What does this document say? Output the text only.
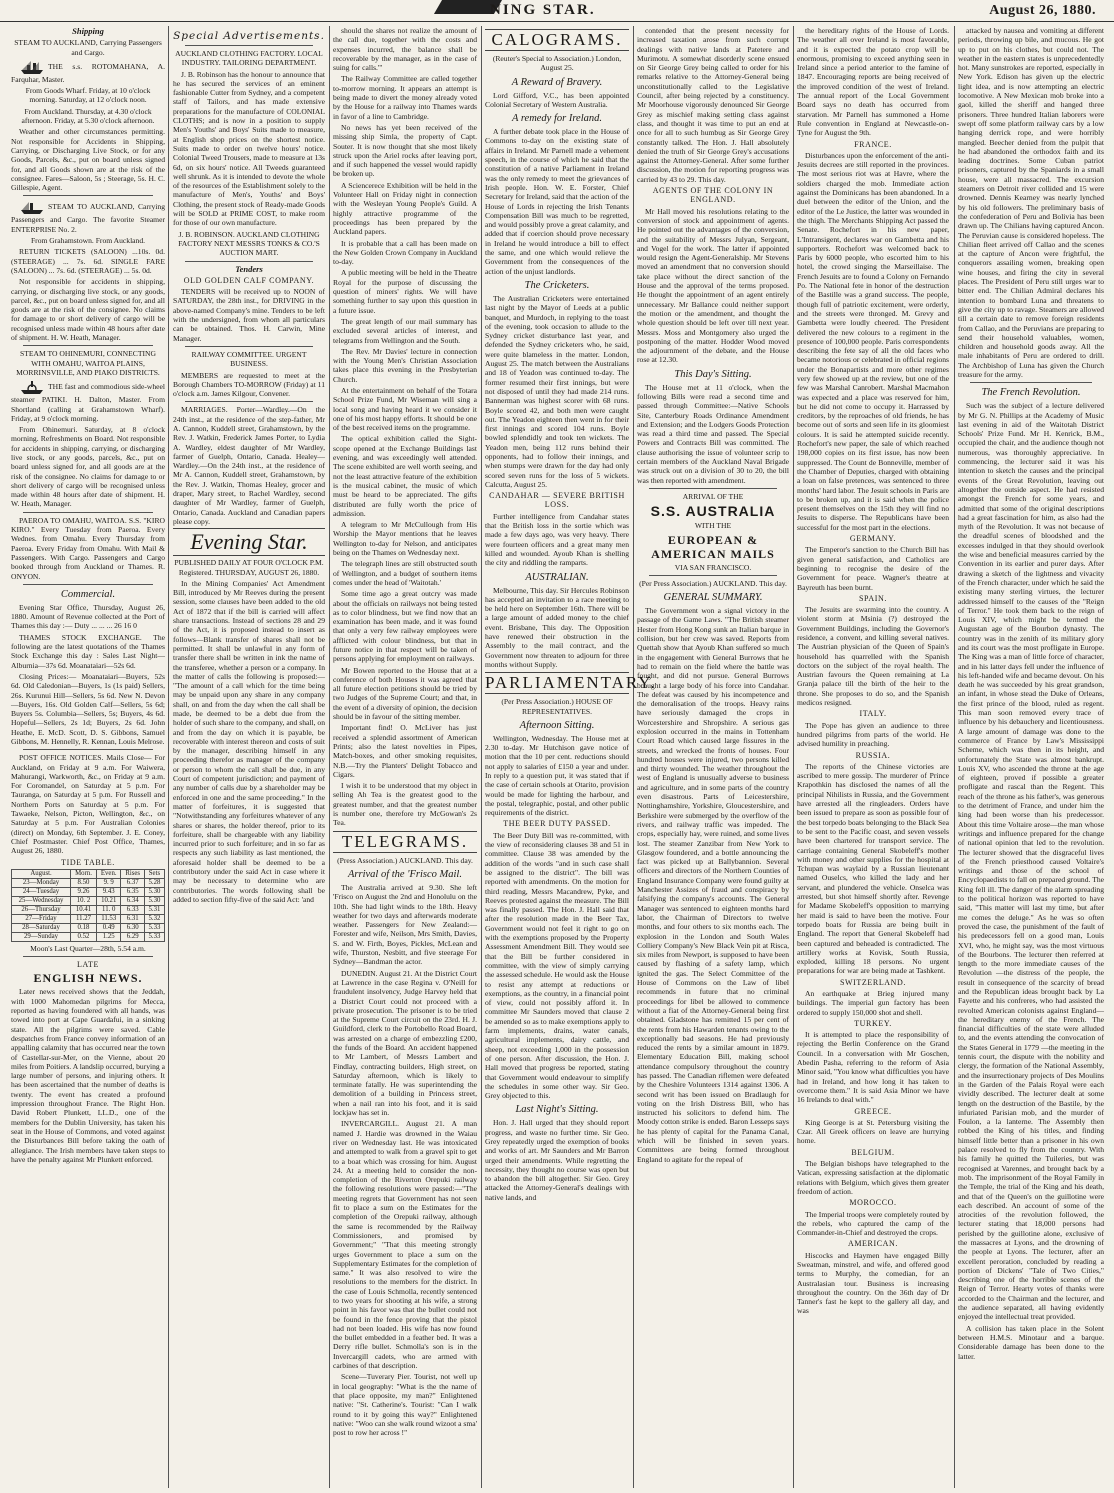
NING STAR.	August 26, 1880.
Shipping

STEAM TO AUCKLAND, Carrying Passengers and Cargo.

THE s.s. ROTOMAHANA, A. Farquhar, Master.

From Goods Wharf. Friday, at 10 o'clock morning. Saturday, at 12 o'clock noon.

From Auckland. Thursday, at 4.30 o'clock afternoon. Friday, at 5.30 o'clock afternoon.

Weather and other circumstances permitting. Not responsible for Accidents in Shipping, Carrying, or Discharging Live Stock, or for any Goods, Parcels, &c., put on board unless signed for, and all Goods shown are at the risk of the consignee. Fares—Saloon, 5s ; Steerage, 5s. H. C. Gillespie, Agent.

STEAM TO AUCKLAND, Carrying Passengers and Cargo. The favorite Steamer ENTERPRISE No. 2.

From Grahamstown. From Auckland.

RETURN TICKETS (SALOON) ...10s. 0d. (STEERAGE) ... 7s. 6d. SINGLE FARE (SALOON) ... 7s. 6d. (STEERAGE) ... 5s. 0d.

Not responsible for accidents in shipping, carrying, or discharging live stock, or any goods, parcel, &c., put on board unless signed for, and all goods are at the risk of the consignee. No claims for damage to or short delivery of cargo will be recognised unless made within 48 hours after date of shipment. H. W. Heath, Manager.

STEAM TO OHINEMURI, CONNECTING WITH OMAHU, WAITOA PLAINS, MORRINSVILLE, AND PIAKO DISTRICTS.

THE fast and commodious side-wheel steamer PATIKI. H. Dalton, Master. From Shortland (calling at Grahamstown Wharf). Friday, at 9 o'clock morning.

From Ohinemuri. Saturday, at 8 o'clock morning. Refreshments on Board. Not responsible for accidents in shipping, carrying, or discharging live stock, or any goods, parcels, &c., put on board unless signed for, and all goods are at the risk of the consignee. No claims for damage to or short delivery of cargo will be recognised unless made within 48 hours after date of shipment. H. W. Heath, Manager.

PAEROA TO OMAHU, WAITOA. S.S. "KIRO KIRO." Every Tuesday from Paeroa. Every Wednes. from Omahu. Every Thursday from Paeroa. Every Friday from Omahu. With Mail & Passengers. With Cargo. Passengers and Cargo booked through from Auckland or Thames. R. ONYON.

Commercial.

Evening Star Office, Thursday, August 26, 1880. Amount of Revenue collected at the Port of Thames this day :— Duty ... ... ... 26 16 0

THAMES STOCK EXCHANGE. The following are the latest quotations of the Thames Stock Exchange this day : Sales Last Night— Alburnia—37s 6d. Moanataiari—52s 6d.

Closing Prices:— Moanataiari—Buyers, 52s 6d. Old Caledonian—Buyers, 1s (1s paid) Sellers, 26s. Kurunui Hill—Sellers, 5s 6d. New N. Devon—Buyers, 16s. Old Golden Calf—Sellers, 5s 6d; Buyers 5s. Columbia—Sellers, 5s; Buyers, 4s 6d. Hopeful—Sellers, 2s 1d; Buyers, 2s 6d. John Heathe, E. McD. Scott, D. S. Gibbons, Samuel Gibbons, M. Hennelly, R. Kennan, Louis Melrose.

POST OFFICE NOTICES. Mails Close— For Auckland, on Friday at 9 a.m. For Waiwera, Mahurangi, Warkworth, &c., on Friday at 9 a.m. For Coromandel, on Saturday at 5 p.m. For Tauranga, on Saturday at 5 p.m. For Russell and Northern Ports on Saturday at 5 p.m. For Tawaeke, Nelson, Picton, Wellington, &c., on Saturday at 5 p.m. For Australian Colonies (direct) on Monday, 6th September. J. E. Coney, Chief Postmaster. Chief Post Office, Thames, August 26, 1880.

TIDE TABLE.
August.	Morn.	Even.	Rises	Sets
23—Monday	8.50	9. 9	6.37	5.28
24—Tuesday	9.26	9.43	6.35	5.30
25—Wednesday	10. 2	10.21	6.34	5.30
26—Thursday	10.41	11. 0	6.33	5.31
27—Friday	11.27	11.53	6.31	5.32
28—Saturday	0.18	0.49	6.30	5.33
29—Sunday	0.52	1.25	6.29	5.33

Moon's Last Quarter—28th, 5.54 a.m.

LATE
ENGLISH NEWS.

Later news received shows that the Jeddah, with 1000 Mahomedan pilgrims for Mecca, reported as having foundered with all hands, was towed into port at Cape Guardafui, in a sinking state. All the pilgrims were saved. Cable despatches from France convey information of an appalling calamity that has occurred near the town of Castellar-sur-Mer, on the Vienne, about 20 miles from Poitiers. A landslip occurred, burying a large number of persons, and injuring others. It has been ascertained that the number of deaths is twenty. The event has created a profound impression throughout France. The Right Hon. David Robert Plunkett, LL.D., one of the members for the Dublin University, has taken his seat in the House of Commons, and voted against the Disturbances Bill before taking the oath of allegiance. The Irish members have taken steps to have the penalty against Mr Plunkett enforced.

Special Advertisements.

AUCKLAND CLOTHING FACTORY. LOCAL INDUSTRY. TAILORING DEPARTMENT.

J. B. Robinson has the honour to announce that he has secured the services of an eminent fashionable Cutter from Sydney, and a competent staff of Tailors, and has made extensive preparations for the manufacture of COLONIAL CLOTHS; and is now in a position to supply Men's Youths' and Boys' Suits made to measure, at English shop prices on the shortest notice. Suits made to order on twelve hours' notice. Colonial Tweed Trousers, made to measure at 13s 6d, on six hours' notice. All Tweeds guaranteed well shrunk. As it is intended to devote the whole of the resources of the Establishment solely to the manufacture of Men's, Youths' and Boys' Clothing, the present stock of Ready-made Goods will be SOLD at PRIME COST, to make room for those of our own manufacture.

J. B. ROBINSON. AUCKLAND CLOTHING FACTORY NEXT MESSRS TONKS & CO.'S AUCTION MART.

Tenders
OLD GOLDEN CALF COMPANY.

TENDERS will be received up to NOON of SATURDAY, the 28th inst., for DRIVING in the above-named Company's mine. Tenders to be left with the undersigned, from whom all particulars can be obtained. Thos. H. Carwin, Mine Manager.

RAILWAY COMMITTEE. URGENT BUSINESS.

MEMBERS are requested to meet at the Borough Chambers TO-MORROW (Friday) at 11 o'clock a.m. James Kilgour, Convener.

MARRIAGES. Porter—Wardley.—On the 24th inst., at the residence of the step-father, Mr A. Cannon, Kuddell street, Grahamstown, by the Rev. J. Watkin, Frederick James Porter, to Lydia A. Wardley, eldest daughter of Mr Wardley, farmer of Guelph, Ontario, Canada. Healey—Wardley.—On the 24th inst., at the residence of Mr A. Cannon, Kuddell street, Grahamstown, by the Rev. J. Watkin, Thomas Healey, grocer and draper, Mary street, to Rachel Wardley, second daughter of Mr Wardley, farmer of Guelph, Ontario, Canada. Auckland and Canadian papers please copy.

Evening Star.

PUBLISHED DAILY AT FOUR O'CLOCK P.M. Registered. THURSDAY, AUGUST 26, 1880.

In the Mining Companies' Act Amendment Bill, introduced by Mr Reeves during the present session, some clauses have been added to the old Act of 1872 that if the bill is carried will affect share transactions. Instead of sections 28 and 29 of the Act, it is proposed instead to insert as follows—Blank transfer of shares shall not be permitted. It shall be unlawful in any form of transfer there shall be written in ink the name of the transferee, whether a person or a company. In the matter of calls the following is proposed:— "The amount of a call which for the time being may be unpaid upon any share in any company shall, on and from the day when the call shall be made, be deemed to be a debt due from the holder of such share to the company, and shall, on and from the day on which it is payable, be recoverable with interest thereon and costs of suit by the manager, describing himself in any proceeding therefor as manager of the company or person to whom the call shall be due, in any Court of competent jurisdiction; and payment of any number of calls due by a shareholder may be enforced in one and the same proceeding." In the matter of forfeitures, it is suggested that "Notwithstanding any forfeitures whatever of any shares or shares, the holder thereof, prior to its forfeiture, shall be chargeable with any liability incurred prior to such forfeiture; and in so far as respects any such liability as last mentioned, the aforesaid holder shall be deemed to be a contributory under the said Act in case where it may be necessary to determine who are contributories. The words following shall be added to section fifty-five of the said Act: 'and

should the shares not realize the amount of the call due, together with the costs and expenses incurred, the balance shall be recoverable by the manager, as in the case of suing for calls.'"

The Railway Committee are called together to-morrow morning. It appears an attempt is being made to divert the money already voted by the House for a railway into Thames wards in favor of a line to Cambridge.

No news has yet been received of the missing ship Simla, the property of Capt. Souter. It is now thought that she most likely struck upon the Ariel rocks after leaving port, and if such happened the vessel would rapidly be broken up.

A Sciencerece Exhibition will be held in the Volunteer Hall on Friday night in connection with the Wesleyan Young People's Guild. A highly attractive programme of the proceedings has been prepared by the Auckland papers.

It is probable that a call has been made on the New Golden Crown Company in Auckland to-day.

A public meeting will be held in the Theatre Royal for the purpose of discussing the question of miners' rights. We will have something further to say upon this question in a future issue.

The great length of our mail summary has excluded several articles of interest, and telegrams from Wellington and the South.

The Rev. Mr Davies' lecture in connection with the Young Men's Christian Association takes place this evening in the Presbyterian Church.

At the entertainment on behalf of the Totara School Prize Fund, Mr Wiseman will sing a local song and having heard it we consider it one of his most happy efforts. It should be one of the best received items on the programme.

The optical exhibition called the Sight-scope opened at the Exchange Buildings last evening, and was exceedingly well attended. The scene exhibited are well worth seeing, and not the least attractive feature of the exhibition is the musical cabinet, the music of which must be heard to be appreciated. The gifts distributed are fully worth the price of admission.

A telegram to Mr McCullough from His Worship the Mayor mentions that he leaves Wellington to-day for Nelson, and anticipates being on the Thames on Wednesday next.

The telegraph lines are still obstructed south of Wellington, and a budget of southern items comes under the head of 'Waitotah.'

Some time ago a great outcry was made about the officials on railways not being tested as to color blindness, but we find now that an examination has been made, and it was found that only a very few railway employees were afflicted with colour blindness, but that in future notice in that respect will be taken of persons applying for employment on railways.

Mr Bowen reported to the House that at a conference of both Houses it was agreed that all future election petitions should be tried by two Judges of the Supreme Court; and that, in the event of a diversity of opinion, the decision should be in favour of the sitting member.

Important find! O. McLiver has just received a splendid assortment of American Prints; also the latest novelties in Pipes, Match-boxes, and other smoking requisites, N.B.—Try the Planters' Delight Tobacco and Cigars.

I wish it to be understood that my object in selling Ah Tea is the greatest good to the greatest number, and that the greatest number is number one, therefore try McGowan's 2s Tea.

TELEGRAMS.

(Press Association.) AUCKLAND. This day.

Arrival of the 'Frisco Mail.

The Australia arrived at 9.30. She left 'Frisco on August the 2nd and Honolulu on the 10th. She had light winds to the 18th. Heavy weather for two days and afterwards moderate weather. Passengers for New Zealand:—Forester and wife, Neilson, Mrs Smith, Davies, S. and W. Firth, Boyes, Pickles, McLean and wife, Thurston, Nesbitt, and five steerage For Sydney—Bandman the actor.

DUNEDIN. August 21. At the District Court at Lawrence in the case Regina v. O'Neill for fraudulent insolvency, Judge Harvey held that a District Court could not proceed with a private prosecution. The prisoner is to be tried at the Supreme Court circuit on the 23rd. H. J. Guildford, clerk to the Portobello Road Board, was arrested on a charge of embezzling £200, the funds of the Board. An accident happened to Mr Lambert, of Messrs Lambert and Findlay, contracting builders, High street, on Saturday afternoon, which is likely to terminate fatally. He was superintending the demolition of a building in Princess street, when a nail ran into his foot, and it is said lockjaw has set in.

INVERCARGILL. August 21. A man named J. Hardie was drowned in the Waiau river on Wednesday last. He was intoxicated and attempted to walk from a gravel spit to get to a boat which was crossing for him. August 24. At a meeting held to consider the non-completion of the Riverton Orepuki railway the following resolutions were passed:—"The meeting regrets that Government has not seen fit to place a sum on the Estimates for the completion of the Orepuki railway, although the same is recommended by the Railway Commissioners, and promised by Government;" "That this meeting strongly urges Government to place a sum on the Supplementary Estimates for the completion of same." It was also resolved to wire the resolutions to the members for the district. In the case of Louis Schmolla, recently sentenced to two years for shooting at his wife, a strong point in his favor was that the bullet could not be found in the fence proving that the pistol had not been loaded. His wife has now found the bullet embedded in a feather bed. It was a Derry rifle bullet. Schmolla's son is in the Invercargill cadets, who are armed with carbines of that description.

Scene—Tuverary Pier. Tourist, not well up in local geography: "What is the the name of that place opposite, my man?" Enlightened native: "St. Catherine's. Tourist: "Can I walk round to it by going this way?" Enlightened native: "Woo can she walk round wizoot a sma' post to row her across !"

CALOGRAMS.

(Reuter's Special to Association.) London, August 25.

A Reward of Bravery.

Lord Gifford, V.C., has been appointed Colonial Secretary of Western Australia.

A remedy for Ireland.

A further debate took place in the House of Commons to-day on the existing state of affairs in Ireland. Mr Parnell made a vehement speech, in the course of which he said that the constitution of a native Parliament in Ireland was the only remedy to meet the grievances of Irish people. Hon. W. E. Forster, Chief Secretary for Ireland, said that the action of the House of Lords in rejecting the Irish Tenants Compensation Bill was much to be regretted, and would possibly prove a great calamity, and added that if coercion should prove necessary in Ireland he would introduce a bill to effect the same, and one which would relieve the Government from the consequences of the action of the unjust landlords.

The Cricketers.

The Australian Cricketers were entertained last night by the Mayor of Leeds at a public banquet, and Murdoch, in replying to the toast of the evening, took occasion to allude to the Sydney cricket disturbance last year, and defended the Sydney cricketers who, he said, were quite blameless in the matter. London, August 25. The match between the Australians and 18 of Yeadon was continued to-day. The former resumed their first innings, but were not disposed of until they had made 214 runs. Bannerman was highest scorer with 68 runs. Boyle scored 42, and both men were caught out. The Yeadon eighteen then went in for their first innings and scored 104 runs. Boyle bowled splendidly and took ten wickets. The Yeadon men, being 112 runs behind their opponents, had to follow their innings, and when stumps were drawn for the day had only scored seven runs for the loss of 5 wickets. Calcutta, August 25.

CANDAHAR — SEVERE BRITISH LOSS.

Further intelligence from Candahar states that the British loss in the sortie which was made a few days ago, was very heavy. There were fourteen officers and a great many men killed and wounded. Ayoub Khan is shelling the city and riddling the ramparts.

AUSTRALIAN.

Melbourne, This day. Sir Hercules Robinson has accepted an invitation to a race meeting to be held here on September 16th. There will be a large amount of added money to the chief event. Brisbane, This day. The Opposition have renewed their obstruction in the Assembly to the mail contract, and the Government now threaten to adjourn for three months without Supply.

PARLIAMENTARY.

(Per Press Association.) HOUSE OF REPRESENTATIVES.

Afternoon Sitting.

Wellington, Wednesday. The House met at 2.30 to-day. Mr Hutchison gave notice of motion that the 10 per cent. reductions should not apply to salaries of £150 a year and under. In reply to a question put, it was stated that if the case of certain schools at Otarito, provision would be made for lighting the harbour, and the postal, telegraphic, postal, and other public requirements of the district.

THE BEER DUTY PASSED.

The Beer Duty Bill was re-committed, with the view of reconsidering clauses 38 and 51 in committee. Clause 38 was amended by the addition of the words "and in such case shall be assigned to the district". The bill was reported with amendments. On the motion for third reading, Messrs Macandrew, Pyke, and Reeves protested against the measure. The Bill was finally passed. The Hon. J. Hall said that after the resolution made in the Beer Tax, Government would not feel it right to go on with the exemptions proposed by the Property Assessment Amendment Bill. They would see that the Bill be further considered in committee, with the view of simply carrying the assessed schedule. He would ask the House to resist any attempt at reductions or exemptions, as the country, in a financial point of view, could not possibly afford it. In committee Mr Saunders moved that clause 2 be amended so as to make exemptions apply to farm implements, drains, water canals, agricultural implements, dairy cattle, and sheep, not exceeding 1,000 in the possession of one person. After discussion, the Hon. J. Hall moved that progress be reported, stating that Government would endeavour to simplify the schedules in some other way. Sir Geo. Grey objected to this.

Last Night's Sitting.

Hon. J. Hall urged that they should report progress, and waste no further time. Sir Geo. Grey repeatedly urged the exemption of books and works of art. Mr Saunders and Mr Barron urged their amendments. While regretting the necessity, they thought no course was open but to abandon the bill altogether. Sir Geo. Grey attacked the Attorney-General's dealings with native lands, and

contended that the present necessity for increased taxation arose from such corrupt dealings with native lands at Patetere and Murimotu. A somewhat disorderly scene ensued on Sir George Grey being called to order for his remarks relative to the Attorney-General being unconstitutionally called to the Legislative Council, after being rejected by a constituency. Mr Moorhouse vigorously denounced Sir George Grey as mischief making setting class against class, and thought it was time to put an end at once for all to such humbug as Sir George Grey constantly talked. The Hon. J. Hall absolutely denied the truth of Sir George Grey's accusations against the Attorney-General. After some further discussion, the motion for reporting progress was carried by 43 to 29. This day.

AGENTS OF THE COLONY IN ENGLAND.

Mr Hall moved his resolutions relating to the conversion of stock and appointment of agents. He pointed out the advantages of the conversion, and the suitability of Messrs Julyan, Sergeant, and Vogel for the work. The latter if appointed would resign the Agent-Generalship. Mr Stevens moved an amendment that no conversion should take place without the direct sanction of the House and the approval of the terms proposed. He thought the appointment of an agent entirely unnecessary. Mr Ballance could neither support the motion or the amendment, and thought the whole question should be left over till next year. Messrs. Moss and Montgomery also urged the postponing of the matter. Hodder Wood moved the adjournment of the debate, and the House rose at 12.30.

This Day's Sitting.

The House met at 11 o'clock, when the following Bills were read a second time and passed through Committee:—Native Schools Site, Canterbury Roads Ordinance Amendment and Extension; and the Lodgers Goods Protection was read a third time and passed. The Special Powers and Contracts Bill was committed. The clause authorising the issue of volunteer scrip to certain members of the Auckland Naval Brigade was struck out on a division of 30 to 20, the bill was then reported with amendment.

ARRIVAL OF THE

S.S. AUSTRALIA

WITH THE

EUROPEAN & AMERICAN MAILS

VIA SAN FRANCISCO.

(Per Press Association.) AUCKLAND. This day.

GENERAL SUMMARY.

The Government won a signal victory in the passage of the Game Laws. "The British steamer Hester from Hong Kong sunk an Italian barque in collision, but her crew was saved. Reports from Quettah show that Ayoub Khan suffered so much in the engagement with General Burrows that he had to remain on the field where the battle was fought, and did not pursue. General Burrows brought a large body of his force into Candahar. The defeat was caused by his incompetence and the demoralisation of the troops. Heavy rains have seriously damaged the crops in Worcestershire and Shropshire. A serious gas explosion occurred in the mains in Tottenham Court Road which caused large fissures in the streets, and wrecked the fronts of houses. Four hundred houses were injured, two persons killed and thirty wounded. The weather throughout the west of England is unusually adverse to business and agriculture, and in some parts of the country even disastrous. Parts of Leicestershire, Nottinghamshire, Yorkshire, Gloucestershire, and Berkshire were submerged by the overflow of the rivers, and railway traffic was impeded. The crops, especially hay, were ruined, and some lives lost. The steamer Zanzibar from New York to Glasgow foundered, and a bottle announcing the fact was picked up at Ballybannion. Several officers and directors of the Northern Counties of England Insurance Company were found guilty at Manchester Assizes of fraud and conspiracy by falsifying the company's accounts. The General Manager was sentenced to eighteen months hard labor, the Chairman of Directors to twelve months, and four others to six months each. The explosion in the London and South Wales Colliery Company's New Black Vein pit at Risca, six miles from Newport, is supposed to have been caused by flashing of a safety lamp, which ignited the gas. The Select Committee of the House of Commons on the Law of libel recommends in future that no criminal proceedings for libel be allowed to commence without a fiat of the Attorney-General being first obtained. Gladstone has remitted 15 per cent of the rents from his Hawarden tenants owing to the exceptionally bad seasons. He had previously reduced the rents by a similar amount in 1879. Elementary Education Bill, making school attendance compulsory throughout the country has passed. The Canadian riflemen were defeated by the Cheshire Volunteers 1314 against 1306. A second writ has been issued on Bradlaugh for voting on the Irish Distress Bill, who has instructed his solicitors to defend him. The Moody cotton strike is ended. Baron Lesseps says he has plenty of capital for the Panama Canal, which will be finished in seven years. Committees are being formed throughout England to agitate for the repeal of

the hereditary rights of the House of Lords. The weather all over Ireland is most favorable, and it is expected the potato crop will be enormous, promising to exceed anything seen in Ireland since a period anterior to the famine of 1847. Encouraging reports are being received of the improved condition of the west of Ireland. The annual report of the Local Government Board says no death has occurred from starvation. Mr Parnell has summoned a Home Rule convention in England at Newcastle-on-Tyne for August the 9th.

FRANCE.

Disturbances upon the enforcement of the anti-Jesuits decrees are still reported in the provinces. The most serious riot was at Havre, where the soldiers charged the mob. Immediate action against the Dominicans has been abandoned. In a duel between the editor of the Union, and the editor of the Le Justice, the latter was wounded in the thigh. The Merchants Shipping Act passed the Senate. Rochefort in his new paper, L'Intransigent, declares war on Gambetta and his supporters. Rochefort was welcomed back to Paris by 6000 people, who escorted him to his hotel, the crowd singing the Marseillaise. The French Jesuits are to found a Colony on Fernando Po. The National fete in honor of the destruction of the Bastille was a grand success. The people, though full of patriotic excitement, were orderly, and the streets were thronged. M. Grevy and Gambetta were loudly cheered. The President delivered the new colours to a regiment in the presence of 100,000 people. Paris correspondents describing the fete say of all the old faces who became notorious or celebrated in official regions under the Bonapartists and more other regimes very few showed up at the review, but one of the few was Marshal Canrobert. Marshal Macmahon was expected and a place was reserved for him, but he did not come to occupy it. Harrassed by creditors, by the reproaches of old friends, he has become out of sorts and seen life in its gloomiest colours. It is said he attempted suicide recently. Rochefort's new paper, the sale of which reached 198,000 copies on its first issue, has now been suppressed. The Count de Bonneville, member of the Chamber of Deputies, charged with obtaining a loan on false pretences, was sentenced to three months' hard labor. The Jesuit schools in Paris are to be broken up, and it is said when the police present themselves on the 15th they will find no Jesuits to disperse. The Republicans have been successful for the most part in the elections.

GERMANY.

The Emperor's sanction to the Church Bill has given general satisfaction, and Catholics are beginning to recognise the desire of the Government for peace. Wagner's theatre at Bayreuth has been burnt.

SPAIN.

The Jesuits are swarming into the country. A violent storm at Msinia (?) destroyed the Government Buildings, including the Governor's residence, a convent, and killing several natives. The Austrian physician of the Queen of Spain's household has quarrelled with the Spanish doctors on the subject of the royal health. The Austrian favours the Queen remaining at La Granja palace till the birth of the heir to the throne. She proposes to do so, and the Spanish medicos resigned.

ITALY.

The Pope has given an audience to three hundred pilgrims from parts of the world. He advised humility in preaching.

RUSSIA.

The reports of the Chinese victories are ascribed to mere gossip. The murderer of Prince Krapothkin has disclosed the names of all the principal Nihilists in Russia, and the Government have arrested all the ringleaders. Orders have been issued to prepare as soon as possible four of the best torpedo boats belonging to the Black Sea to be sent to the Pacific coast, and seven vessels have been chartered for transport service. The carriage containing General Skobeleff's mother with money and other supplies for the hospital at Tchupan was waylaid by a Russian lieutenant named Ouselcs, who killed the lady and her servant, and plundered the vehicle. Onselca was arrested, but shot himself shortly after. Revenge for Madame Skobeleff's opposition to marrying her maid is said to have been the motive. Four torpedo boats for Russia are being built in England. The report that General Skobeleff had been captured and beheaded is contradicted. The artillery works at Kovisk, South Russia, exploded, killing 18 persons. No urgent preparations for war are being made at Tashkent.

SWITZERLAND.

An earthquake at Brieg injured many buildings. The imperial gun factory has been ordered to supply 150,000 shot and shell.

TURKEY.

It is attempted to place the responsibility of rejecting the Berlin Conference on the Grand Council. In a conversation with Mr Goschen, Abedin Pasha, referring to the reform of Asia Minor said, "You know what difficulties you have had in Ireland, and how long it has taken to overcome them." It is said Asia Minor we have 16 Irelands to deal with."

GREECE.

King George is at St. Petersburg visiting the Czar. All Greek officers on leave are hurrying home.

BELGIUM.

The Belgian bishops have telegraphed to the Vatican, expressing satisfaction at the diplomatic relations with Belgium, which gives them greater freedom of action.

MOROCCO.

The Imperial troops were completely routed by the rebels, who captured the camp of the Commander-in-Chief and destroyed the crops.

AMERICAN.

Hiscocks and Haymen have engaged Billy Sweatman, minstrel, and wife, and offered good terms to Murphy, the comedian, for an Australasian tour. Business is increasing throughout the country. On the 36th day of Dr Tanner's fast he kept to the gallery all day, and was

attacked by nausea and vomiting at different periods, throwing up bile, and mucous. He got up to put on his clothes, but could not. The weather in the eastern states is unprecedentedly hot. Many sunstrokes are reported, especially in New York. Edison has given up the electric light idea, and is now attempting an electric locomotive. A New Mexican mob broke into a gaol, killed the sheriff and hanged three prisoners. Three hundred Italian laborers were swept off some platform railway cars by a low hanging derrick rope, and were horribly mangled. Beecher denied from the pulpit that he had abandoned the orthodox faith and its leading doctrines. Some Cuban patriot prisoners, captured by the Spaniards in a small house, were all massacred. The excursion steamers on Detroit river collided and 15 were drowned. Dennis Kearney was nearly lynched by his old followers. The preliminary basis of the confederation of Peru and Bolivia has been drawn up. The Chilians having captured Ancon. The Peruvian cause is considered hopeless. The Chilian fleet arrived off Callao and the scenes at the capture of Ancon were frightful, the conquerors assailing women, breaking open wine houses, and firing the city in several places. The President of Peru still urges war to bitter end. The Chilian Admiral declares his intention to bombard Luna and threatens to give the city up to ravage. Steamers are allowed till a certain date to remove foreign residents from Callao, and the Peruvians are preparing to send their household valuables, women, children and household goods away. All the male inhabitants of Peru are ordered to drill. The Archbishop of Luna has given the Church treasure for the army.

The French Revolution.

Such was the subject of a lecture delivered by Mr G. N. Phillips at the Academy of Music last evening in aid of the Waitotah District Schools' Prize Fund. Mr H. Kenrick, B.M., occupied the chair, and the audience though not numerous, was thoroughly appreciative. In commencing, the lecturer said it was his intention to sketch the causes and the principal events of the Great Revolution, leaving out altogether the outside aspect. He had resisted amongst the French for some years, and admitted that some of the original descriptions had a great fascination for him, as also had the myth of the Revolution. It was not because of the dreadful scenes of bloodshed and the excesses indulged in that they should overlook the wise and beneficial measures carried by the Convention in its earlier and purer days. After drawing a sketch of the lightness and vivacity of the French character, under which he said the existing many sterling virtues, the lecturer addressed himself to the causes of the "Reign of Terror." He took them back to the reign of Louis XIV, which might be termed the Augustan age of the Bourbon dynasty. The country was in the zenith of its military glory and its court was the most profligate in Europe. The King was a man of little force of character, and in his latter days fell under the influence of his left-handed wife and became devout. On his death he was succeeded by his great grandson, an infant, in whose stead the Duke of Orleans, the first prince of the blood, ruled as regent. This man soon removed every trace of influence by his debauchery and licentiousness. A large amount of damage was done to the commerce of France by Law's Mississippi Scheme, which was then in its height, and unfortunately the State was almost bankrupt. Louis XV, who ascended the throne at the age of eighteen, proved if possible a greater profligate and rascal than the Regent. This reach of the throne as his father's, was generous to the detriment of France, and under him the king had been worse than his predecessor. About this time Voltaire arose—the man whose writings and influence prepared for the change of national opinion that led to the revolution. The lecturer showed that the disgraceful lives of the French priesthood caused Voltaire's writings and those of the school of Encyclopaedists to fall on prepared ground. The King fell ill. The danger of the alarm spreading to the political horizon was reported to have said, "This matter will last my time, but after me comes the deluge." As he was so often proved the case, the punishment of the fault of his predecessors fell on a good man, Louis XVI, who, he might say, was the most virtuous of the Bourbons. The lecturer then referred at length to the more immediate causes of the Revolution —the distress of the people, the result in consequence of the scarcity of bread and the Republican ideas brought back by La Fayette and his confreres, who had assisted the revolted American colonists against England—the hereditary enemy of the French. The financial difficulties of the state were alluded to, and the events attending the convocation of the States General in 1779 —the meeting in the tennis court, the dispute with the nobility and clergy, the formation of the National Assembly, and the insurrectionary projects of Des Moulins in the Garden of the Palais Royal were each vividly described. The lecturer dealt at some length on the destruction of the Bastile, by the infuriated Parisian mob, and the murder of Foulon, a la lanterne. The Assembly then robbed the King of his titles, and finding himself little better than a prisoner in his own palace resolved to fly from the country. With his family he quitted the Tuileries, but was recognised at Varennes, and brought back by a mob. The imprisonment of the Royal Family in the Temple, the trial of the King and his death, and that of the Queen's on the guillotine were each described. An account of some of the atrocities of the revolution followed, the lecturer stating that 18,000 persons had perished by the guillotine alone, exclusive of the massacres at Lyons, and the drowning of the people at Lyons. The lecturer, after an excellent peroration, concluded by reading a portion of Dickens' "Tale of Two Cities," describing one of the horrible scenes of the Reign of Terror. Hearty votes of thanks were accorded to the Chairman and the lecturer, and the audience separated, all having evidently enjoyed the intellectual treat provided.

A collision has taken place in the Solent between H.M.S. Minotaur and a barque. Considerable damage has been done to the latter.
